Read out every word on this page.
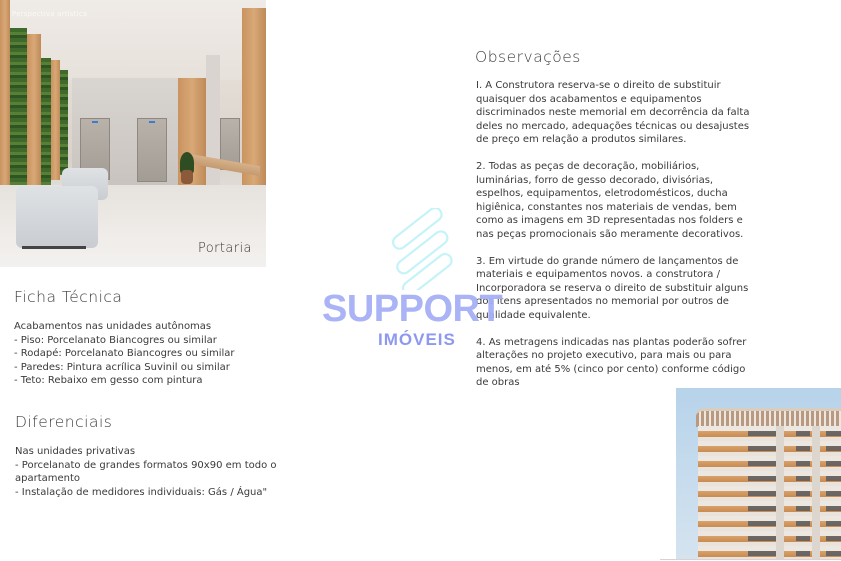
Perspectiva artística
Portaria
Ficha Técnica

Acabamentos nas unidades autônomas

- Piso: Porcelanato Biancogres ou similar

- Rodapé: Porcelanato Biancogres ou similar

- Paredes: Pintura acrílica Suvinil ou similar

- Teto: Rebaixo em gesso com pintura

Diferenciais

Nas unidades privativas

- Porcelanato de grandes formatos 90x90 em todo o apartamento

- Instalação de medidores individuais: Gás / Água"

Observações

I. A Construtora reserva-se o direito de substituir quaisquer dos acabamentos e equipamentos discriminados neste memorial em decorrência da falta deles no mercado, adequações técnicas ou desajustes de preço em relação a produtos similares.

2. Todas as peças de decoração, mobiliários, luminárias, forro de gesso decorado, divisórias, espelhos, equipamentos, eletrodomésticos, ducha higiênica, constantes nos materiais de vendas, bem como as imagens em 3D representadas nos folders e nas peças promocionais são meramente decorativos.

3. Em virtude do grande número de lançamentos de materiais e equipamentos novos. a construtora / Incorporadora se reserva o direito de substituir alguns dos itens apresentados no memorial por outros de qualidade equivalente.

4. As metragens indicadas nas plantas poderão sofrer alterações no projeto executivo, para mais ou para menos, em até 5% (cinco por cento) conforme código de obras

SUPPORT
IMÓVEIS
